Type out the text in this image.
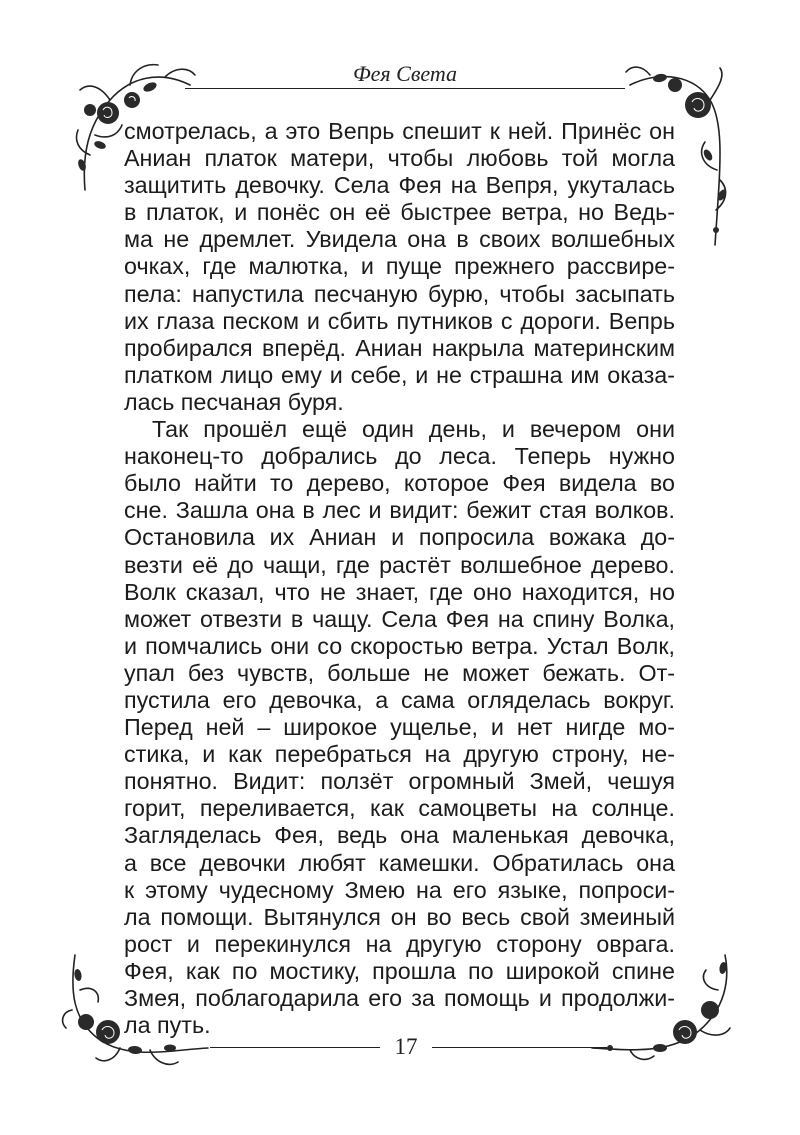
Фея Света
смотрелась, а это Вепрь спешит к ней. Принёс он
Аниан платок матери, чтобы любовь той могла
защитить девочку. Села Фея на Вепря, укуталась
в платок, и понёс он её быстрее ветра, но Ведь-
ма не дремлет. Увидела она в своих волшебных
очках, где малютка, и пуще прежнего рассвире-
пела: напустила песчаную бурю, чтобы засыпать
их глаза песком и сбить путников с дороги. Вепрь
пробирался вперёд. Аниан накрыла материнским
платком лицо ему и себе, и не страшна им оказа-
лась песчаная буря.
Так прошёл ещё один день, и вечером они
наконец-то добрались до леса. Теперь нужно
было найти то дерево, которое Фея видела во
сне. Зашла она в лес и видит: бежит стая волков.
Остановила их Аниан и попросила вожака до-
везти её до чащи, где растёт волшебное дерево.
Волк сказал, что не знает, где оно находится, но
может отвезти в чащу. Села Фея на спину Волка,
и помчались они со скоростью ветра. Устал Волк,
упал без чувств, больше не может бежать. От-
пустила его девочка, а сама огляделась вокруг.
Перед ней – широкое ущелье, и нет нигде мо-
стика, и как перебраться на другую строну, не-
понятно. Видит: ползёт огромный Змей, чешуя
горит, переливается, как самоцветы на солнце.
Загляделась Фея, ведь она маленькая девочка,
а все девочки любят камешки. Обратилась она
к этому чудесному Змею на его языке, попроси-
ла помощи. Вытянулся он во весь свой змеиный
рост и перекинулся на другую сторону оврага.
Фея, как по мостику, прошла по широкой спине
Змея, поблагодарила его за помощь и продолжи-
ла путь.
17
